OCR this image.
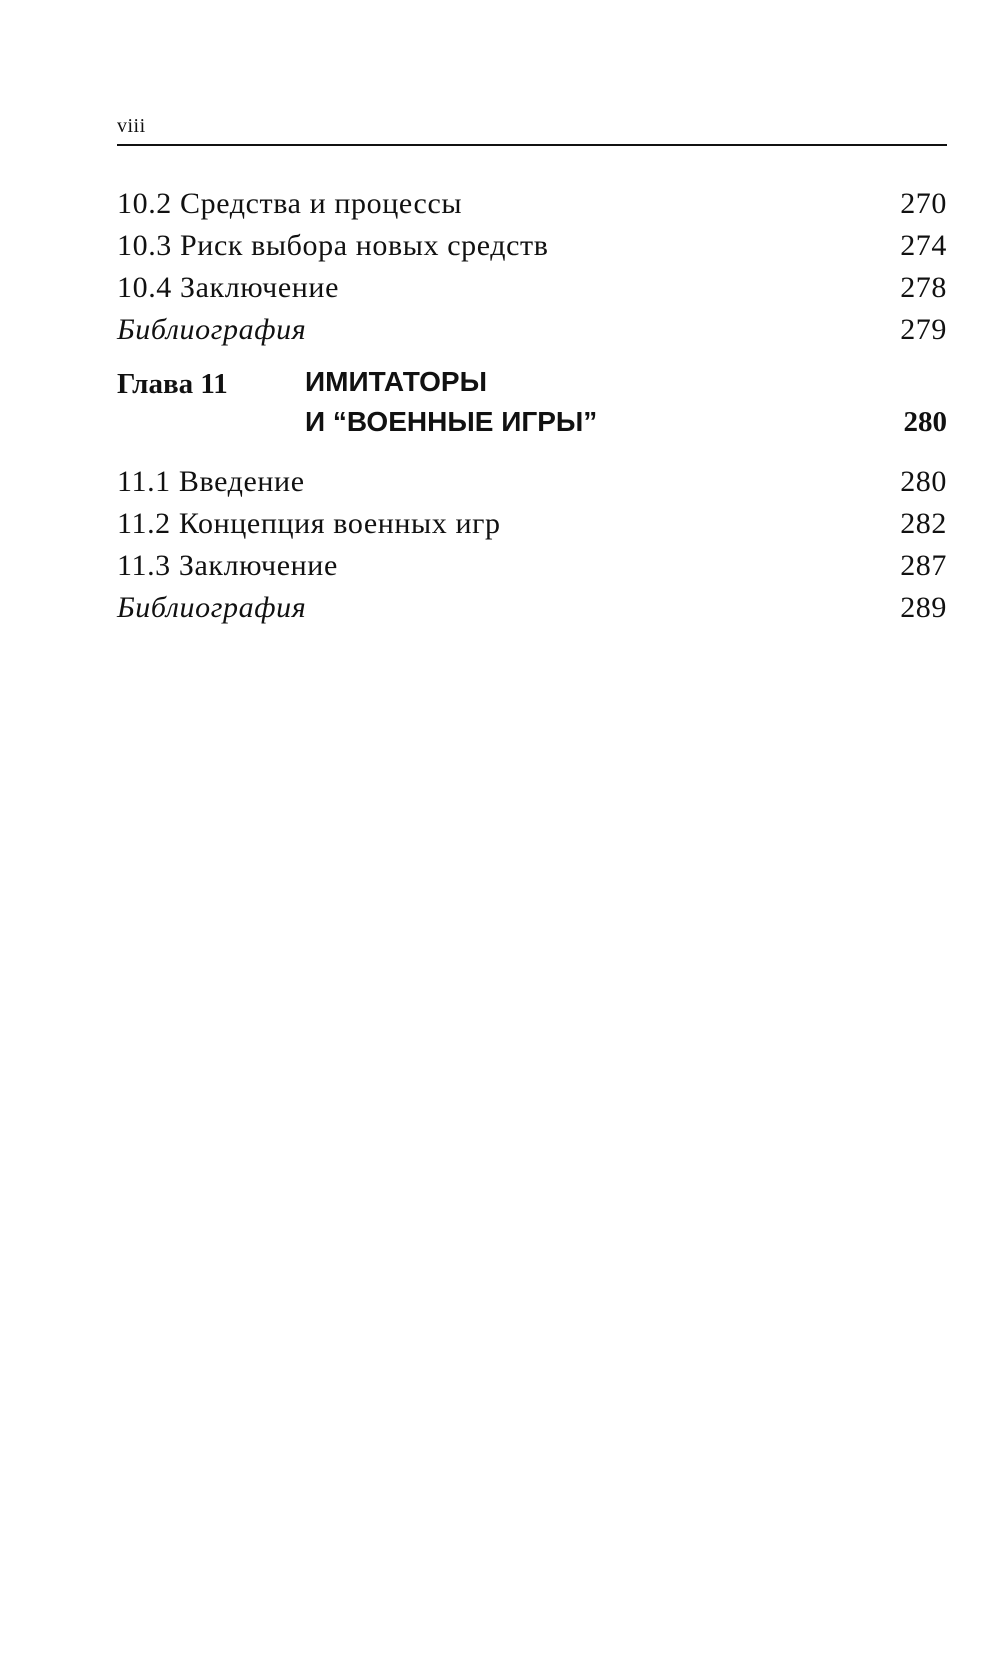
viii
10.2 Средства и процессы	270
10.3 Риск выбора новых средств	274
10.4 Заключение	278
Библиография	279
Глава 11	ИМИТАТОРЫ
И “ВОЕННЫЕ ИГРЫ”	280
11.1 Введение	280
11.2 Концепция военных игр	282
11.3 Заключение	287
Библиография	289
